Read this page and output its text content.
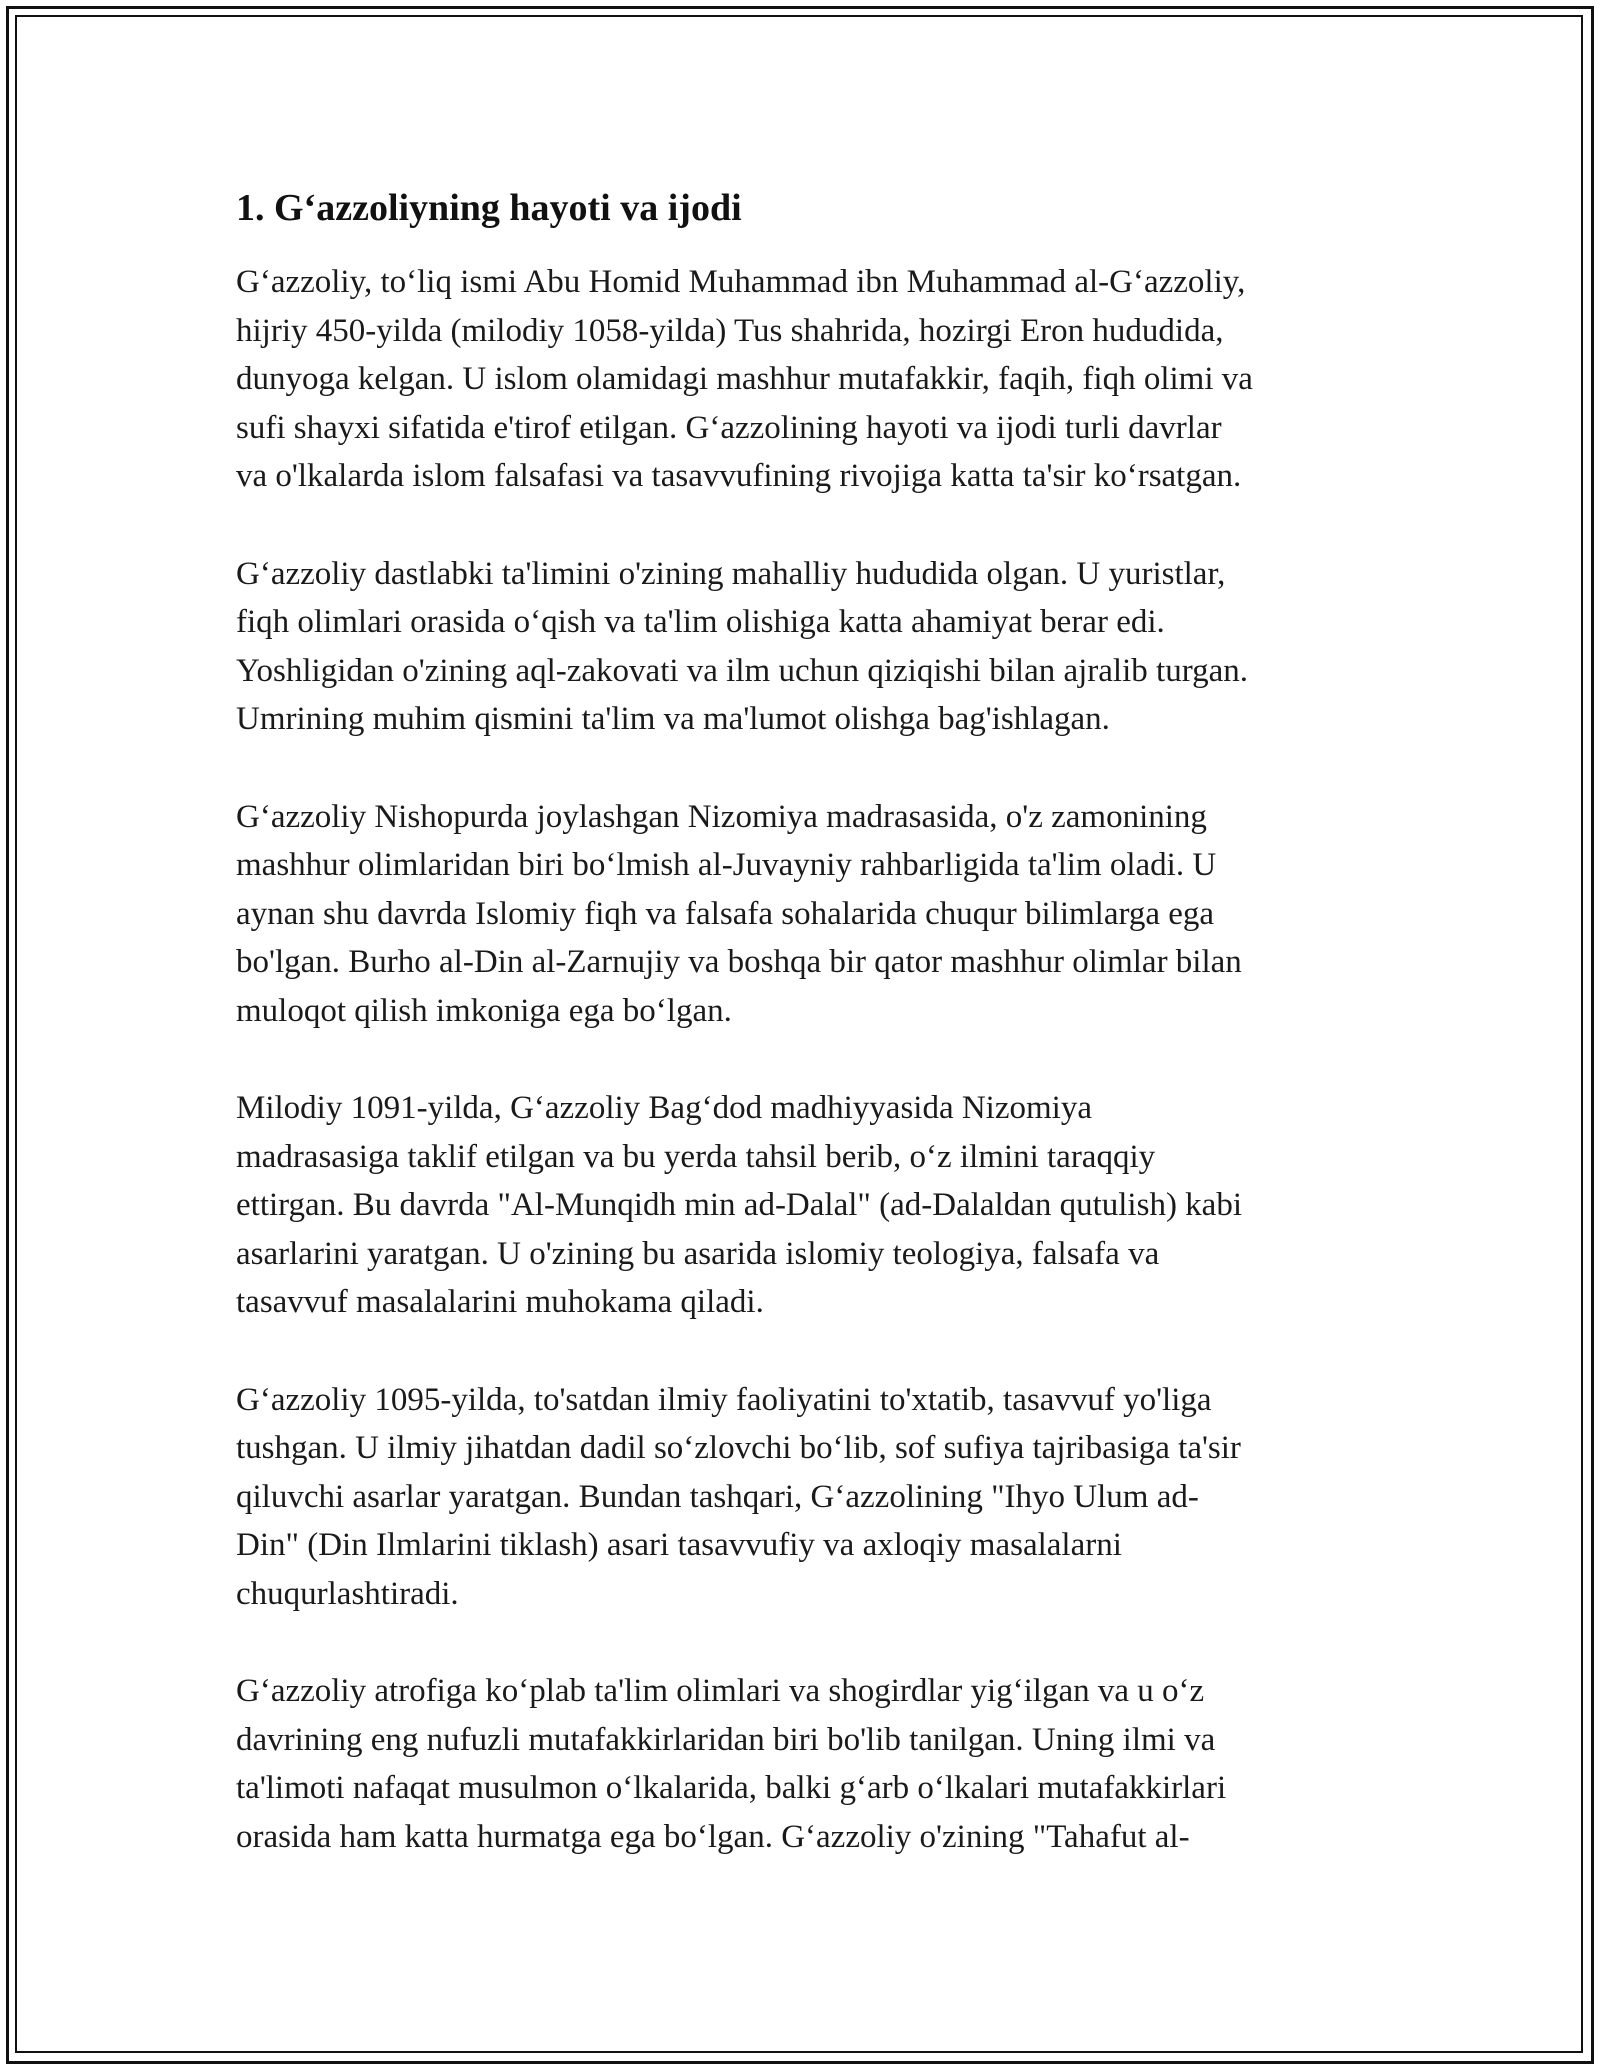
1. G‘azzoliyning hayoti va ijodi

G‘azzoliy, to‘liq ismi Abu Homid Muhammad ibn Muhammad al-G‘azzoliy,
hijriy 450-yilda (milodiy 1058-yilda) Tus shahrida, hozirgi Eron hududida,
dunyoga kelgan. U islom olamidagi mashhur mutafakkir, faqih, fiqh olimi va
sufi shayxi sifatida e'tirof etilgan. G‘azzolining hayoti va ijodi turli davrlar
va o'lkalarda islom falsafasi va tasavvufining rivojiga katta ta'sir ko‘rsatgan.

G‘azzoliy dastlabki ta'limini o'zining mahalliy hududida olgan. U yuristlar,
fiqh olimlari orasida o‘qish va ta'lim olishiga katta ahamiyat berar edi.
Yoshligidan o'zining aql-zakovati va ilm uchun qiziqishi bilan ajralib turgan.
Umrining muhim qismini ta'lim va ma'lumot olishga bag'ishlagan.

G‘azzoliy Nishopurda joylashgan Nizomiya madrasasida, o'z zamonining
mashhur olimlaridan biri bo‘lmish al-Juvayniy rahbarligida ta'lim oladi. U
aynan shu davrda Islomiy fiqh va falsafa sohalarida chuqur bilimlarga ega
bo'lgan. Burho al-Din al-Zarnujiy va boshqa bir qator mashhur olimlar bilan
muloqot qilish imkoniga ega bo‘lgan.

Milodiy 1091-yilda, G‘azzoliy Bag‘dod madhiyyasida Nizomiya
madrasasiga taklif etilgan va bu yerda tahsil berib, o‘z ilmini taraqqiy
ettirgan. Bu davrda "Al-Munqidh min ad-Dalal" (ad-Dalaldan qutulish) kabi
asarlarini yaratgan. U o'zining bu asarida islomiy teologiya, falsafa va
tasavvuf masalalarini muhokama qiladi.

G‘azzoliy 1095-yilda, to'satdan ilmiy faoliyatini to'xtatib, tasavvuf yo'liga
tushgan. U ilmiy jihatdan dadil so‘zlovchi bo‘lib, sof sufiya tajribasiga ta'sir
qiluvchi asarlar yaratgan. Bundan tashqari, G‘azzolining "Ihyo Ulum ad-
Din" (Din Ilmlarini tiklash) asari tasavvufiy va axloqiy masalalarni
chuqurlashtiradi.

G‘azzoliy atrofiga ko‘plab ta'lim olimlari va shogirdlar yig‘ilgan va u o‘z
davrining eng nufuzli mutafakkirlaridan biri bo'lib tanilgan. Uning ilmi va
ta'limoti nafaqat musulmon o‘lkalarida, balki g‘arb o‘lkalari mutafakkirlari
orasida ham katta hurmatga ega bo‘lgan. G‘azzoliy o'zining "Tahafut al-
